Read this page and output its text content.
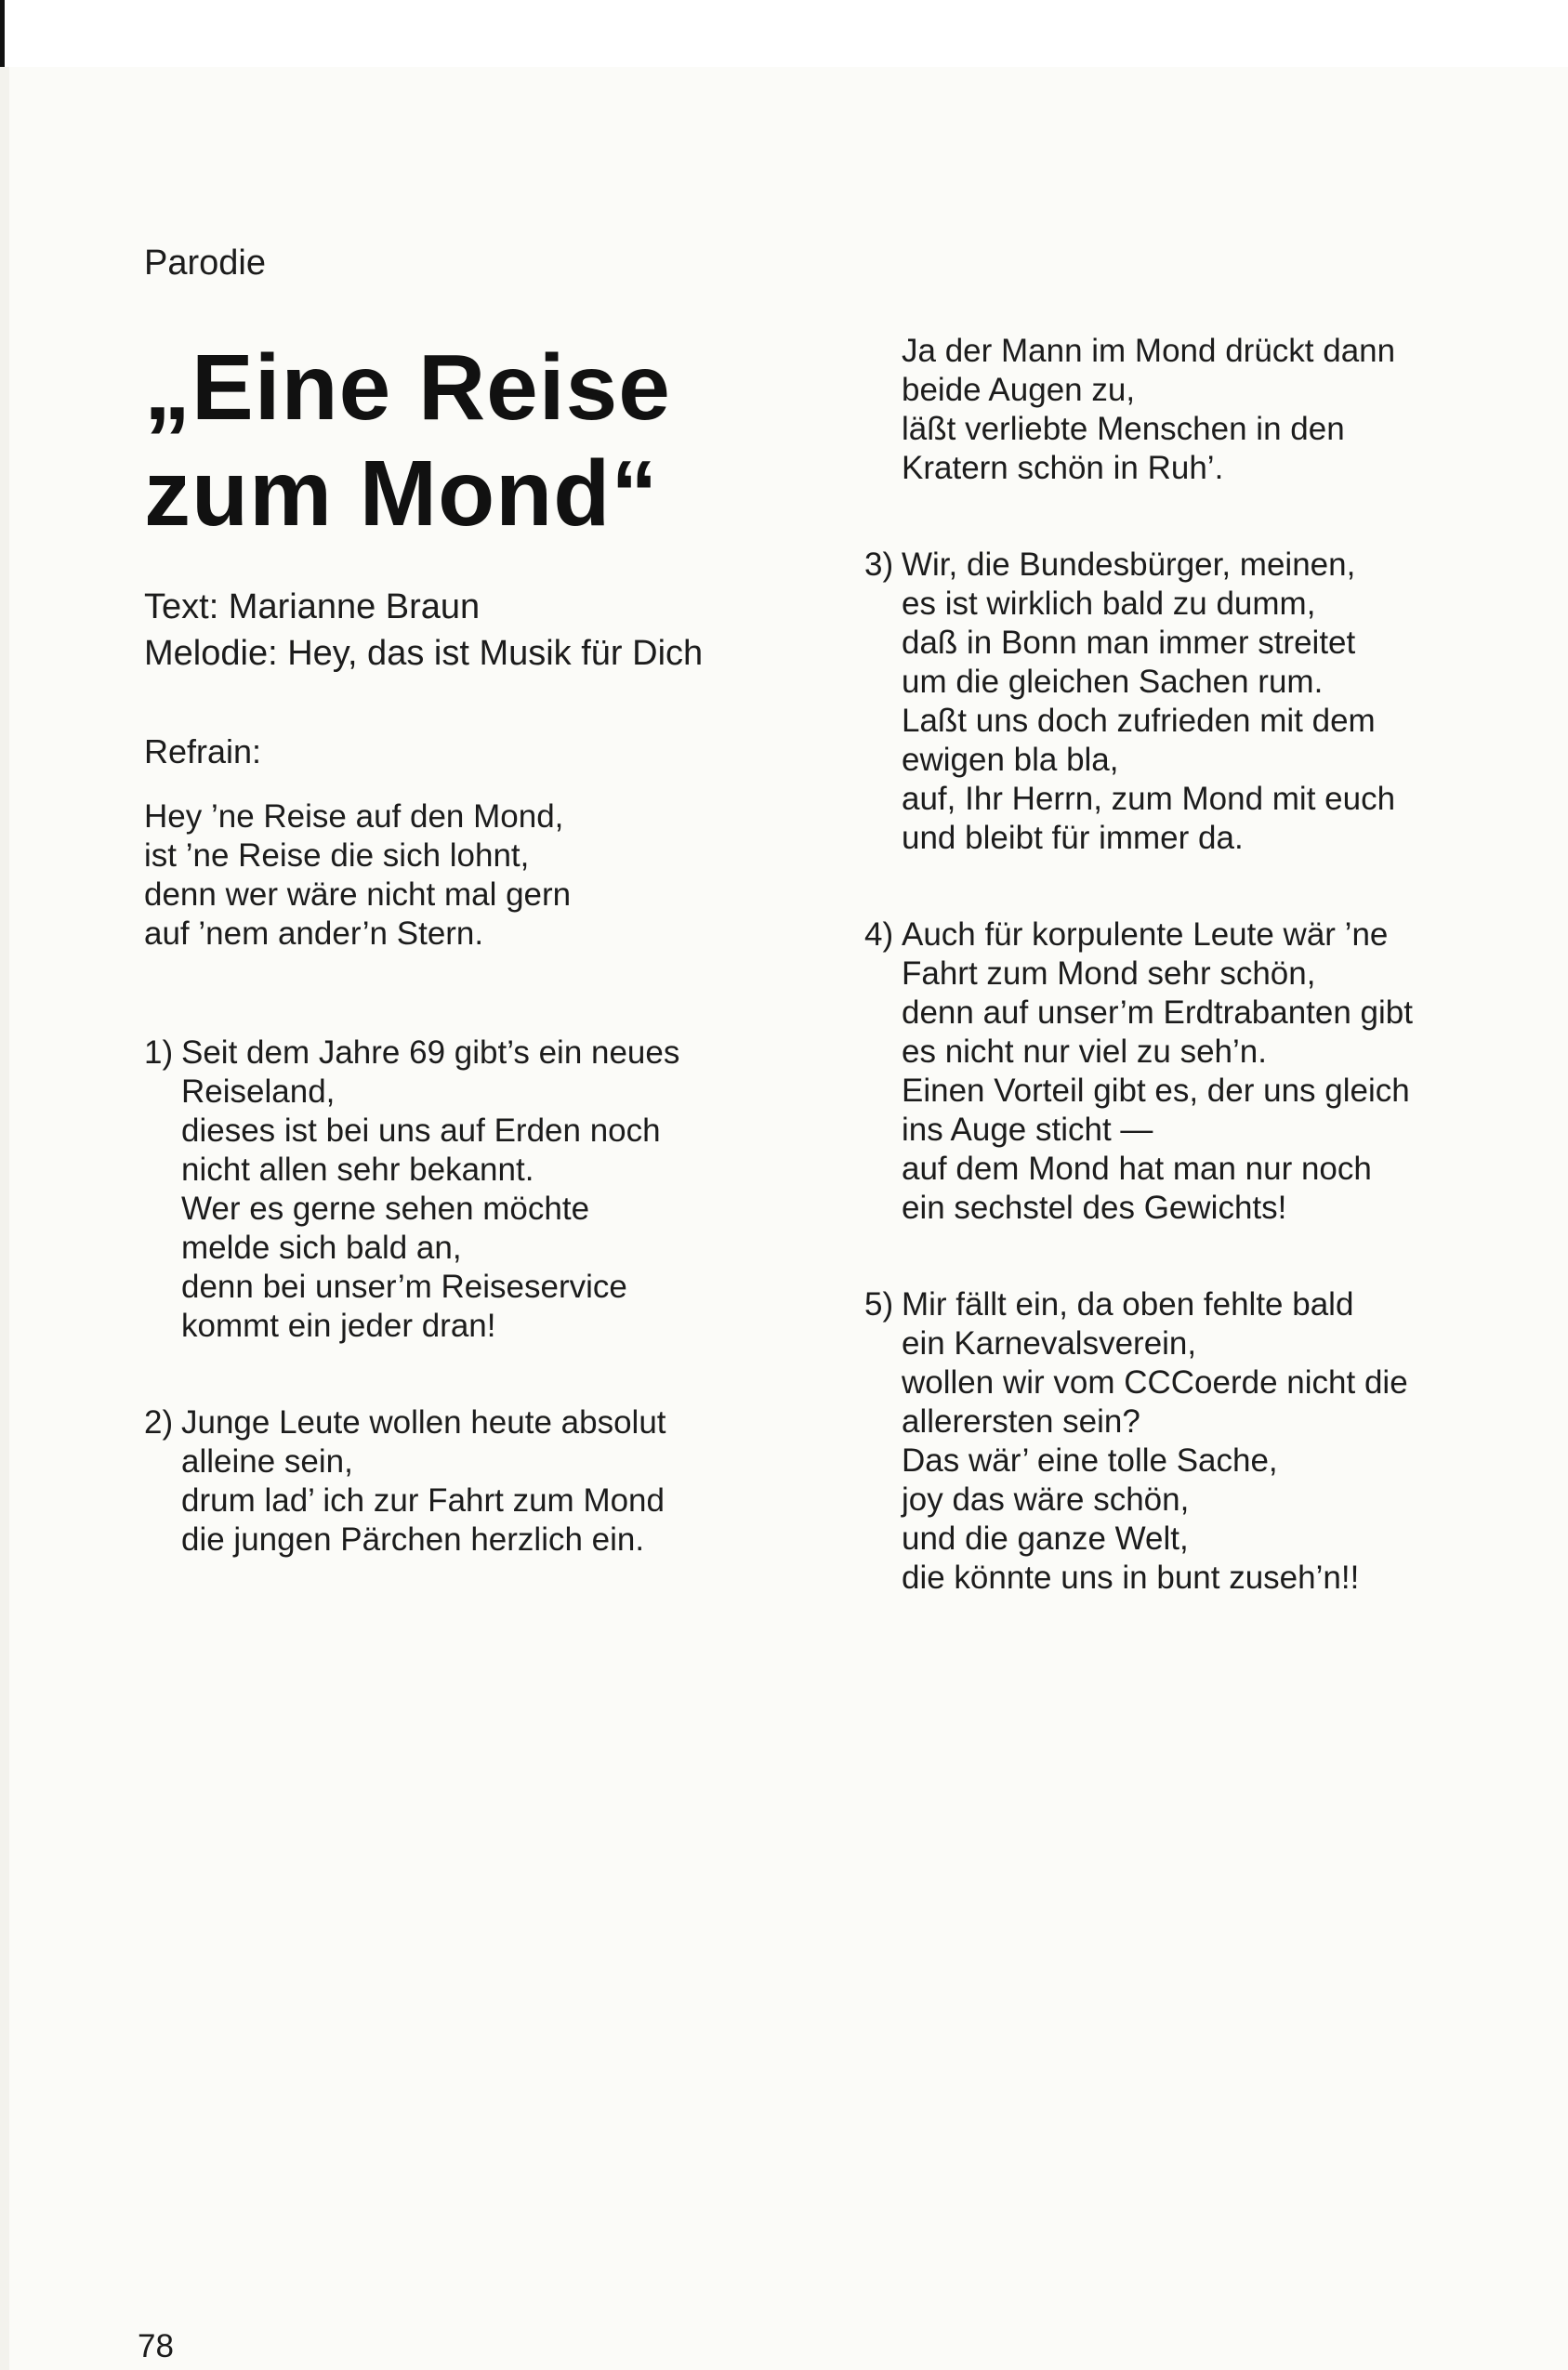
Parodie

„Eine Reise
zum Mond“
Text: Marianne Braun
Melodie: Hey, das ist Musik für Dich
Refrain:
Hey ’ne Reise auf den Mond,
ist ’ne Reise die sich lohnt,
denn wer wäre nicht mal gern
auf ’nem ander’n Stern.
1) Seit dem Jahre 69 gibt’s ein neues
Reiseland,
dieses ist bei uns auf Erden noch
nicht allen sehr bekannt.
Wer es gerne sehen möchte
melde sich bald an,
denn bei unser’m Reiseservice
kommt ein jeder dran!
2) Junge Leute wollen heute absolut
alleine sein,
drum lad’ ich zur Fahrt zum Mond
die jungen Pärchen herzlich ein.
Ja der Mann im Mond drückt dann
beide Augen zu,
läßt verliebte Menschen in den
Kratern schön in Ruh’.
3) Wir, die Bundesbürger, meinen,
es ist wirklich bald zu dumm,
daß in Bonn man immer streitet
um die gleichen Sachen rum.
Laßt uns doch zufrieden mit dem
ewigen bla bla,
auf, Ihr Herrn, zum Mond mit euch
und bleibt für immer da.
4) Auch für korpulente Leute wär ’ne
Fahrt zum Mond sehr schön,
denn auf unser’m Erdtrabanten gibt
es nicht nur viel zu seh’n.
Einen Vorteil gibt es, der uns gleich
ins Auge sticht —
auf dem Mond hat man nur noch
ein sechstel des Gewichts!
5) Mir fällt ein, da oben fehlte bald
ein Karnevalsverein,
wollen wir vom CCCoerde nicht die
allerersten sein?
Das wär’ eine tolle Sache,
joy das wäre schön,
und die ganze Welt,
die könnte uns in bunt zuseh’n!!
78
